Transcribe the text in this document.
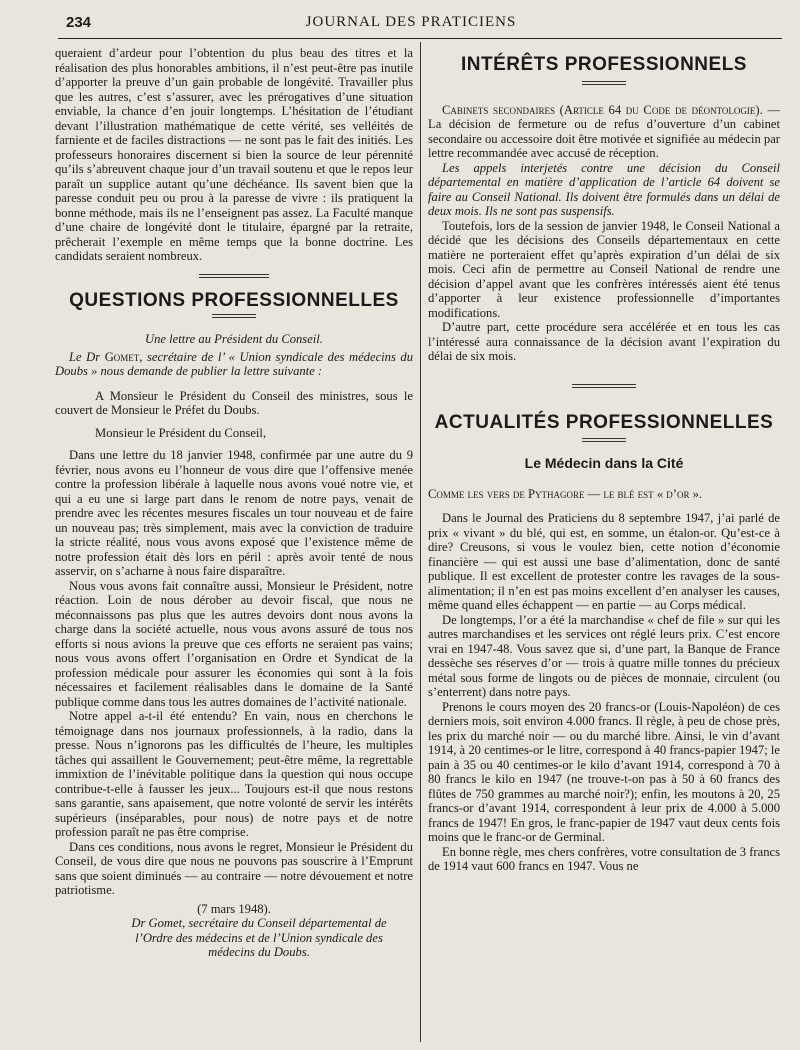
234	JOURNAL DES PRATICIENS

queraient d’ardeur pour l’obtention du plus beau des titres et la réalisation des plus honorables ambitions, il n’est peut-être pas inutile d’apporter la preuve d’un gain probable de longévité. Travailler plus que les autres, c’est s’assurer, avec les prérogatives d’une situation enviable, la chance d’en jouir longtemps. L’hésitation de l’étudiant devant l’illustration mathématique de cette vérité, ses velléités de farniente et de faciles distractions — ne sont pas le fait des initiés. Les professeurs honoraires discernent si bien la source de leur pérennité qu’ils s’abreuvent chaque jour d’un travail soutenu et que le repos leur paraît un supplice autant qu’une déchéance. Ils savent bien que la paresse conduit peu ou prou à la paresse de vivre : ils pratiquent la bonne méthode, mais ils ne l’enseignent pas assez. La Faculté manque d’une chaire de longévité dont le titulaire, épargné par la retraite, prêcherait l’exemple en même temps que la bonne doctrine. Les candidats seraient nombreux.

QUESTIONS PROFESSIONNELLES

Une lettre au Président du Conseil.

Le Dr Gomet, secrétaire de l’ « Union syndicale des médecins du Doubs » nous demande de publier la lettre suivante :

A Monsieur le Président du Conseil des ministres, sous le couvert de Monsieur le Préfet du Doubs.

Monsieur le Président du Conseil,

Dans une lettre du 18 janvier 1948, confirmée par une autre du 9 février, nous avons eu l’honneur de vous dire que l’offensive menée contre la profession libérale à laquelle nous avons voué notre vie, et qui a eu une si large part dans le renom de notre pays, venait de prendre avec les récentes mesures fiscales un tour nouveau et de faire un nouveau pas; très simplement, mais avec la conviction de traduire la stricte réalité, nous vous avons exposé que l’existence même de notre profession était dès lors en péril : après avoir tenté de nous asservir, on s’acharne à nous faire disparaître.

Nous vous avons fait connaître aussi, Monsieur le Président, notre réaction. Loin de nous dérober au devoir fiscal, que nous ne méconnaissons pas plus que les autres devoirs dont nous avons la charge dans la société actuelle, nous vous avons assuré de tous nos efforts si nous avions la preuve que ces efforts ne seraient pas vains; nous vous avons offert l’organisation en Ordre et Syndicat de la profession médicale pour assurer les économies qui sont à la fois nécessaires et facilement réalisables dans le domaine de la Santé publique comme dans tous les autres domaines de l’activité nationale.

Notre appel a-t-il été entendu? En vain, nous en cherchons le témoignage dans nos journaux professionnels, à la radio, dans la presse. Nous n’ignorons pas les difficultés de l’heure, les multiples tâches qui assaillent le Gouvernement; peut-être même, la regrettable immixtion de l’inévitable politique dans la question qui nous occupe contribue-t-elle à fausser les jeux... Toujours est-il que nous restons sans garantie, sans apaisement, que notre volonté de servir les intérêts supérieurs (inséparables, pour nous) de notre pays et de notre profession paraît ne pas être comprise.

Dans ces conditions, nous avons le regret, Monsieur le Président du Conseil, de vous dire que nous ne pouvons pas souscrire à l’Emprunt sans que soient diminués — au contraire — notre dévouement et notre patriotisme.

(7 mars 1948).

Dr Gomet, secrétaire du Conseil départemental de l’Ordre des médecins et de l’Union syndicale des médecins du Doubs.

INTÉRÊTS PROFESSIONNELS

Cabinets secondaires (Article 64 du Code de déontologie). — La décision de fermeture ou de refus d’ouverture d’un cabinet secondaire ou accessoire doit être motivée et signifiée au médecin par lettre recommandée avec accusé de réception.

Les appels interjetés contre une décision du Conseil départemental en matière d’application de l’article 64 doivent se faire au Conseil National. Ils doivent être formulés dans un délai de deux mois. Ils ne sont pas suspensifs.

Toutefois, lors de la session de janvier 1948, le Conseil National a décidé que les décisions des Conseils départementaux en cette matière ne porteraient effet qu’après expiration d’un délai de six mois. Ceci afin de permettre au Conseil National de rendre une décision d’appel avant que les confrères intéressés aient été tenus d’apporter à leur existence professionnelle d’importantes modifications.

D’autre part, cette procédure sera accélérée et en tous les cas l’intéressé aura connaissance de la décision avant l’expiration du délai de six mois.

ACTUALITÉS PROFESSIONNELLES
Le Médecin dans la Cité

Comme les vers de Pythagore — le blé est « d’or ».

Dans le Journal des Praticiens du 8 septembre 1947, j’ai parlé de prix « vivant » du blé, qui est, en somme, un étalon-or. Qu’est-ce à dire? Creusons, si vous le voulez bien, cette notion d’économie financière — qui est aussi une base d’alimentation, donc de santé publique. Il est excellent de protester contre les ravages de la sous-alimentation; il n’en est pas moins excellent d’en analyser les causes, même quand elles échappent — en partie — au Corps médical.

De longtemps, l’or a été la marchandise « chef de file » sur qui les autres marchandises et les services ont réglé leurs prix. C’est encore vrai en 1947-48. Vous savez que si, d’une part, la Banque de France dessèche ses réserves d’or — trois à quatre mille tonnes du précieux métal sous forme de lingots ou de pièces de monnaie, circulent (ou s’enterrent) dans notre pays.

Prenons le cours moyen des 20 francs-or (Louis-Napoléon) de ces derniers mois, soit environ 4.000 francs. Il règle, à peu de chose près, les prix du marché noir — ou du marché libre. Ainsi, le vin d’avant 1914, à 20 centimes-or le litre, correspond à 40 francs-papier 1947; le pain à 35 ou 40 centimes-or le kilo d’avant 1914, correspond à 70 à 80 francs le kilo en 1947 (ne trouve-t-on pas à 50 à 60 francs des flûtes de 750 grammes au marché noir?); enfin, les moutons à 20, 25 francs-or d’avant 1914, correspondent à leur prix de 4.000 à 5.000 francs de 1947! En gros, le franc-papier de 1947 vaut deux cents fois moins que le franc-or de Germinal.

En bonne règle, mes chers confrères, votre consultation de 3 francs de 1914 vaut 600 francs en 1947. Vous ne
